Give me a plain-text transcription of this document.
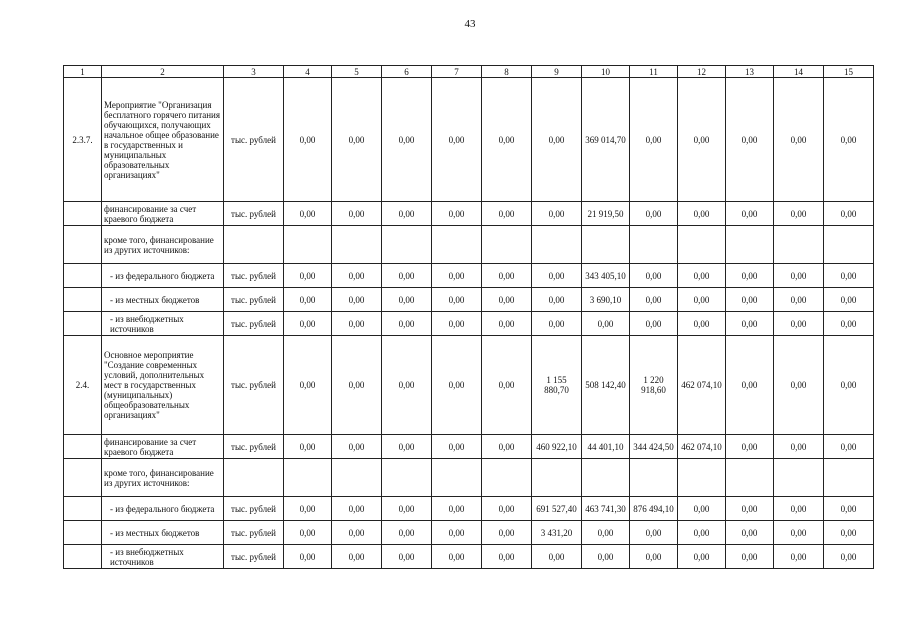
43
1	2	3	4	5	6	7	8	9	10	11	12	13	14	15
2.3.7.	Мероприятие "Организация бесплатного горячего питания обучающихся, получающих начальное общее образование в государственных и муниципальных образовательных организациях"	тыс. рублей	0,00	0,00	0,00	0,00	0,00	0,00	369 014,70	0,00	0,00	0,00	0,00	0,00
	финансирование за счет краевого бюджета	тыс. рублей	0,00	0,00	0,00	0,00	0,00	0,00	21 919,50	0,00	0,00	0,00	0,00	0,00
	кроме того, финансирование из других источников:													
	- из федерального бюджета	тыс. рублей	0,00	0,00	0,00	0,00	0,00	0,00	343 405,10	0,00	0,00	0,00	0,00	0,00
	- из местных бюджетов	тыс. рублей	0,00	0,00	0,00	0,00	0,00	0,00	3 690,10	0,00	0,00	0,00	0,00	0,00
	- из внебюджетных источников	тыс. рублей	0,00	0,00	0,00	0,00	0,00	0,00	0,00	0,00	0,00	0,00	0,00	0,00
2.4.	Основное мероприятие "Создание современных условий, дополнительных мест в государственных (муниципальных) общеобразовательных организациях"	тыс. рублей	0,00	0,00	0,00	0,00	0,00	1 155 880,70	508 142,40	1 220 918,60	462 074,10	0,00	0,00	0,00
	финансирование за счет краевого бюджета	тыс. рублей	0,00	0,00	0,00	0,00	0,00	460 922,10	44 401,10	344 424,50	462 074,10	0,00	0,00	0,00
	кроме того, финансирование из других источников:													
	- из федерального бюджета	тыс. рублей	0,00	0,00	0,00	0,00	0,00	691 527,40	463 741,30	876 494,10	0,00	0,00	0,00	0,00
	- из местных бюджетов	тыс. рублей	0,00	0,00	0,00	0,00	0,00	3 431,20	0,00	0,00	0,00	0,00	0,00	0,00
	- из внебюджетных источников	тыс. рублей	0,00	0,00	0,00	0,00	0,00	0,00	0,00	0,00	0,00	0,00	0,00	0,00
